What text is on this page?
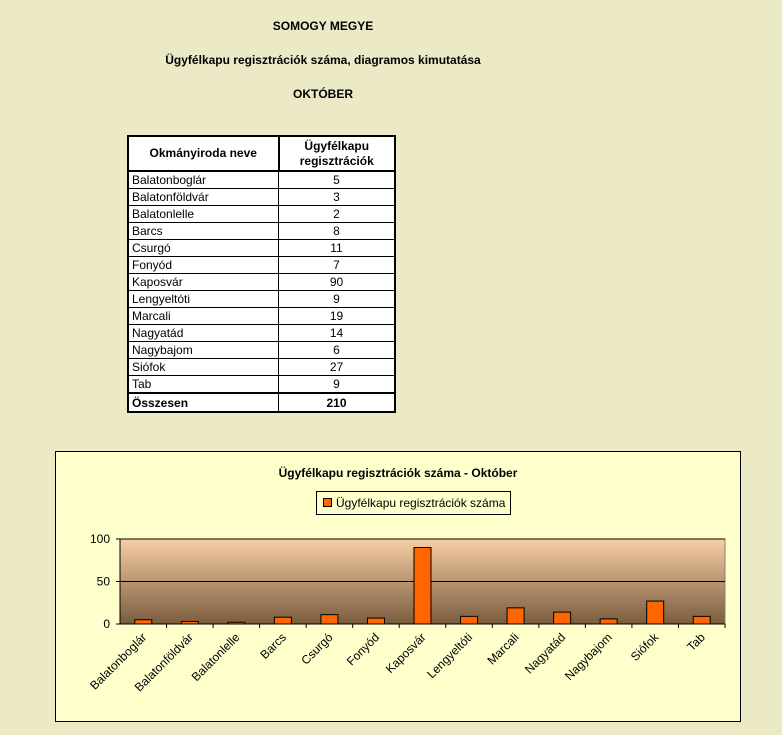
SOMOGY MEGYE
Ügyfélkapu regisztrációk száma, diagramos kimutatása
OKTÓBER
Okmányiroda neve	Ügyfélkapu
regisztrációk
Balatonboglár	5
Balatonföldvár	3
Balatonlelle	2
Barcs	8
Csurgó	11
Fonyód	7
Kaposvár	90
Lengyeltóti	9
Marcali	19
Nagyatád	14
Nagybajom	6
Siófok	27
Tab	9
Összesen	210
Ügyfélkapu regisztrációk száma - Október
0
50
100
Balatonboglár
Balatonföldvár
Balatonlelle Barcs Csurgó Fonyód Kaposvár
Lengyeltóti Marcali Nagyatád
Nagybajom Siófok Tab
Ügyfélkapu regisztrációk száma
